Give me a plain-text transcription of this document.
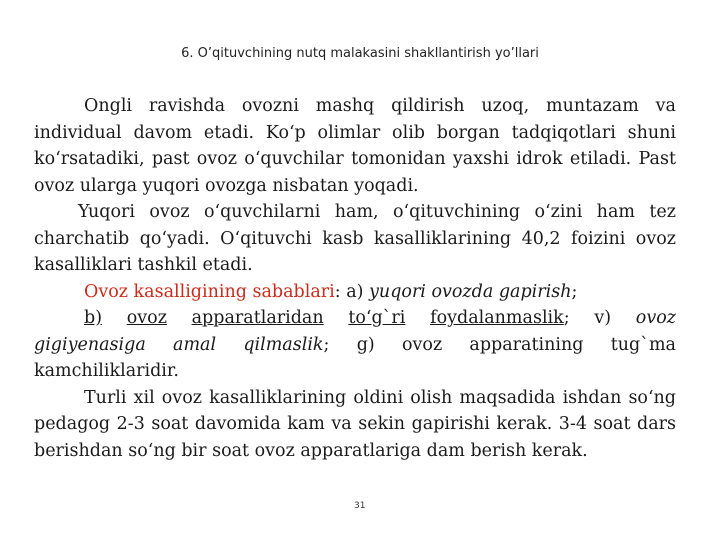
6. O’qituvchining nutq malakasini shakllantirish yo’llari

Ongli ravishda ovozni mashq qildirish uzoq, muntazam va individual davom etadi. Ko‘p olimlar olib borgan tadqiqotlari shuni ko‘rsatadiki, past ovoz o‘quvchilar tomonidan yaxshi idrok etiladi. Past ovoz ularga yuqori ovozga nisbatan yoqadi.

Yuqori ovoz o‘quvchilarni ham, o‘qituvchining o‘zini ham tez charchatib qo‘yadi. O‘qituvchi kasb kasalliklarining 40,2 foizini ovoz kasalliklari tashkil etadi.

Ovoz kasalligining sabablari: a) yuqori ovozda gapirish;
b) ovoz apparatlaridan to‘g`ri foydalanmaslik; v) ovoz
gigiyenasiga amal qilmaslik; g) ovoz apparatining tug`ma kamchiliklaridir.

Turli xil ovoz kasalliklarining oldini olish maqsadida ishdan so‘ng pedagog 2-3 soat davomida kam va sekin gapirishi kerak. 3-4 soat dars berishdan so‘ng bir soat ovoz apparatlariga dam berish kerak.

31
